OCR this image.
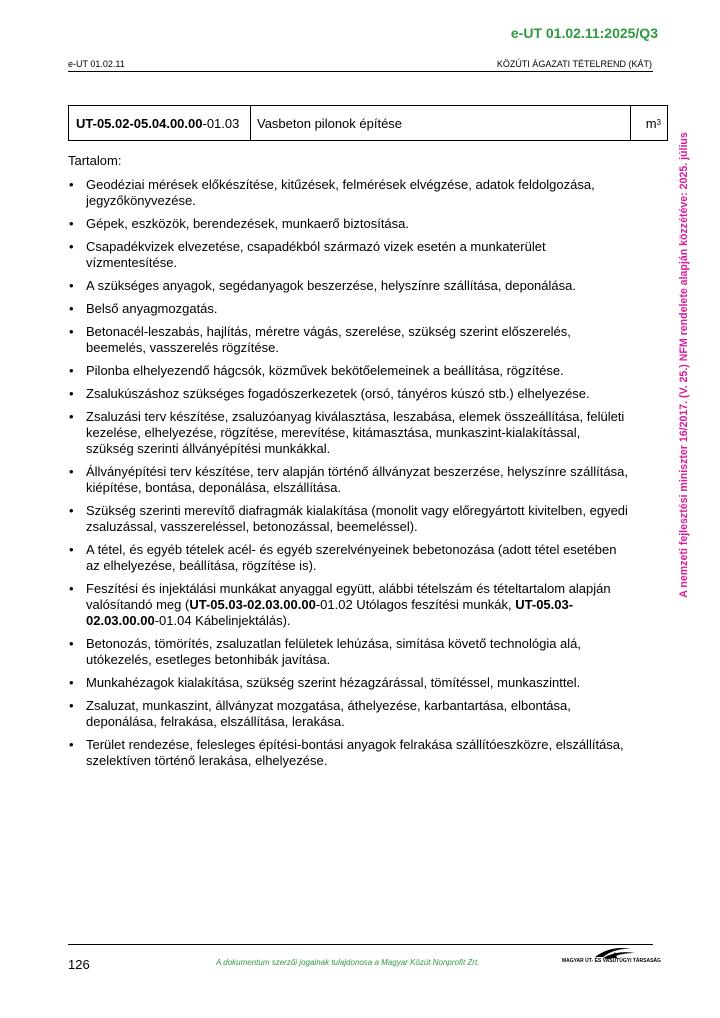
e-UT 01.02.11:2025/Q3
e-UT 01.02.11	KÖZÚTI ÁGAZATI TÉTELREND (KÁT)
UT-05.02-05.04.00.00 -01.03	Vasbeton pilonok építése	$m^3$
Tartalom:
• Geodéziai mérések előkészítése, kitűzések, felmérések elvégzése, adatok feldolgozása, jegyzőkönyvezése.
• Gépek, eszközök, berendezések, munkaerő biztosítása.
• Csapadékvizek elvezetése, csapadékból származó vizek esetén a munkaterület vízmentesítése.
• A szükséges anyagok, segédanyagok beszerzése, helyszínre szállítása, deponálása.
• Belső anyagmozgatás.
• Betonacél-leszabás, hajlítás, méretre vágás, szerelése, szükség szerint előszerelés, beemelés, vasszerelés rögzítése.
• Pilonba elhelyezendő hágcsók, közművek bekötőelemeinek a beállítása, rögzítése.
• Zsalukúszáshoz szükséges fogadószerkezetek (orsó, tányéros kúszó stb.) elhelyezése.
• Zsaluzási terv készítése, zsaluzóanyag kiválasztása, leszabása, elemek összeállítása, felületi kezelése, elhelyezése, rögzítése, merevítése, kitámasztása, munkaszint-kialakítással, szükség szerinti állványépítési munkákkal.
• Állványépítési terv készítése, terv alapján történő állványzat beszerzése, helyszínre szállítása, kiépítése, bontása, deponálása, elszállítása.
• Szükség szerinti merevítő diafragmák kialakítása (monolit vagy előregyártott kivitelben, egyedi zsaluzással, vasszereléssel, betonozással, beemeléssel).
• A tétel, és egyéb tételek acél- és egyéb szerelvényeinek bebetonozása (adott tétel esetében az elhelyezése, beállítása, rögzítése is).
• Feszítési és injektálási munkákat anyaggal együtt, alábbi tételszám és tételtartalom alapján valósítandó meg (UT-05.03-02.03.00.00-01.02 Utólagos feszítési munkák, UT-05.03-02.03.00.00-01.04 Kábelinjektálás).
• Betonozás, tömörítés, zsaluzatlan felületek lehúzása, simítása követő technológia alá, utókezelés, esetleges betonhibák javítása.
• Munkahézagok kialakítása, szükség szerint hézagzárással, tömítéssel, munkaszinttel.
• Zsaluzat, munkaszint, állványzat mozgatása, áthelyezése, karbantartása, elbontása, deponálása, felrakása, elszállítása, lerakása.
• Terület rendezése, felesleges építési-bontási anyagok felrakása szállítóeszközre, elszállítása, szelektíven történő lerakása, elhelyezése.
A nemzeti fejlesztési miniszter 16/2017. (V. 25.) NFM rendelete alapján közzétéve: 2025. július
126	A dokumentum szerzői jogainak tulajdonosa a Magyar Közút Nonprofit Zrt.	MAGYAR ÚT- ÉS VASÚTÜGYI TÁRSASÁG
